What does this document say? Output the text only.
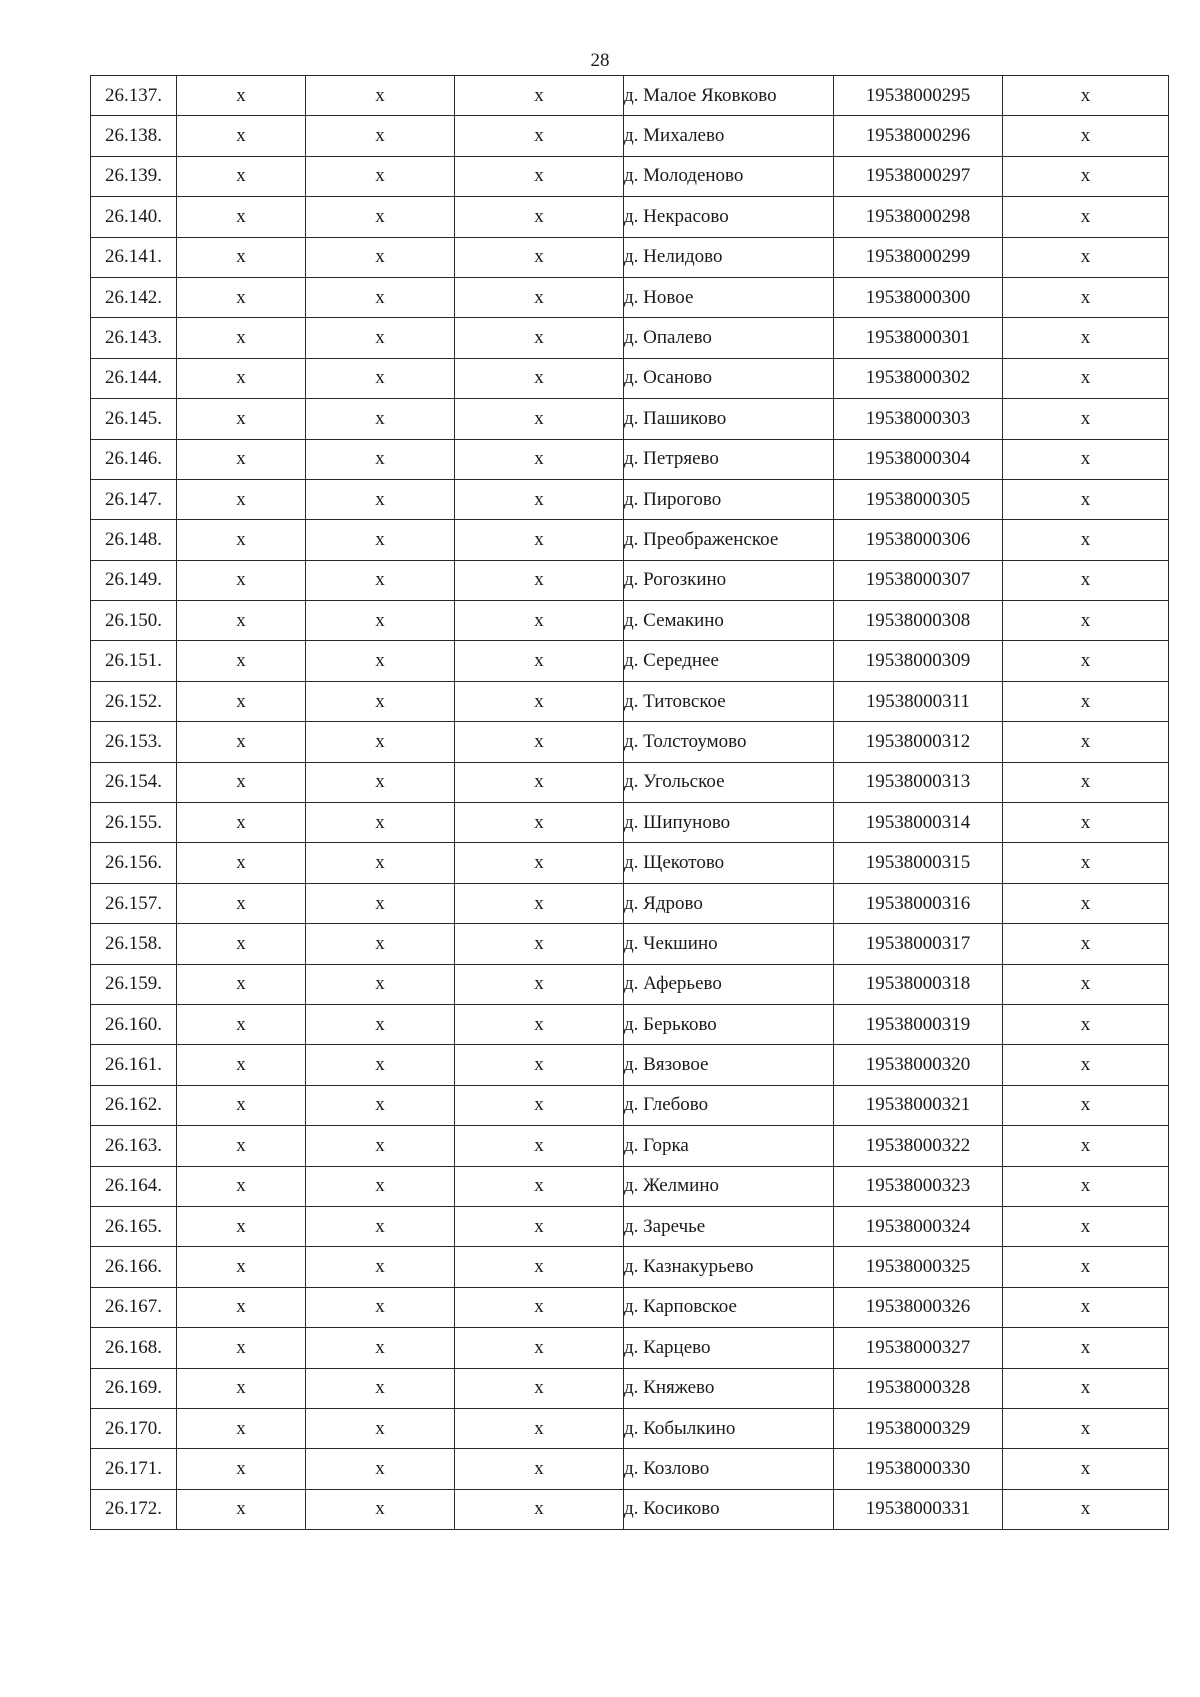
28
26.137.	x	x	x	д. Малое Яковково	19538000295	x
26.138.	x	x	x	д. Михалево	19538000296	x
26.139.	x	x	x	д. Молоденово	19538000297	x
26.140.	x	x	x	д. Некрасово	19538000298	x
26.141.	x	x	x	д. Нелидово	19538000299	x
26.142.	x	x	x	д. Новое	19538000300	x
26.143.	x	x	x	д. Опалево	19538000301	x
26.144.	x	x	x	д. Осаново	19538000302	x
26.145.	x	x	x	д. Пашиково	19538000303	x
26.146.	x	x	x	д. Петряево	19538000304	x
26.147.	x	x	x	д. Пирогово	19538000305	x
26.148.	x	x	x	д. Преображенское	19538000306	x
26.149.	x	x	x	д. Рогозкино	19538000307	x
26.150.	x	x	x	д. Семакино	19538000308	x
26.151.	x	x	x	д. Середнее	19538000309	x
26.152.	x	x	x	д. Титовское	19538000311	x
26.153.	x	x	x	д. Толстоумово	19538000312	x
26.154.	x	x	x	д. Угольское	19538000313	x
26.155.	x	x	x	д. Шипуново	19538000314	x
26.156.	x	x	x	д. Щекотово	19538000315	x
26.157.	x	x	x	д. Ядрово	19538000316	x
26.158.	x	x	x	д. Чекшино	19538000317	x
26.159.	x	x	x	д. Аферьево	19538000318	x
26.160.	x	x	x	д. Берьково	19538000319	x
26.161.	x	x	x	д. Вязовое	19538000320	x
26.162.	x	x	x	д. Глебово	19538000321	x
26.163.	x	x	x	д. Горка	19538000322	x
26.164.	x	x	x	д. Желмино	19538000323	x
26.165.	x	x	x	д. Заречье	19538000324	x
26.166.	x	x	x	д. Казнакурьево	19538000325	x
26.167.	x	x	x	д. Карповское	19538000326	x
26.168.	x	x	x	д. Карцево	19538000327	x
26.169.	x	x	x	д. Княжево	19538000328	x
26.170.	x	x	x	д. Кобылкино	19538000329	x
26.171.	x	x	x	д. Козлово	19538000330	x
26.172.	x	x	x	д. Косиково	19538000331	x
